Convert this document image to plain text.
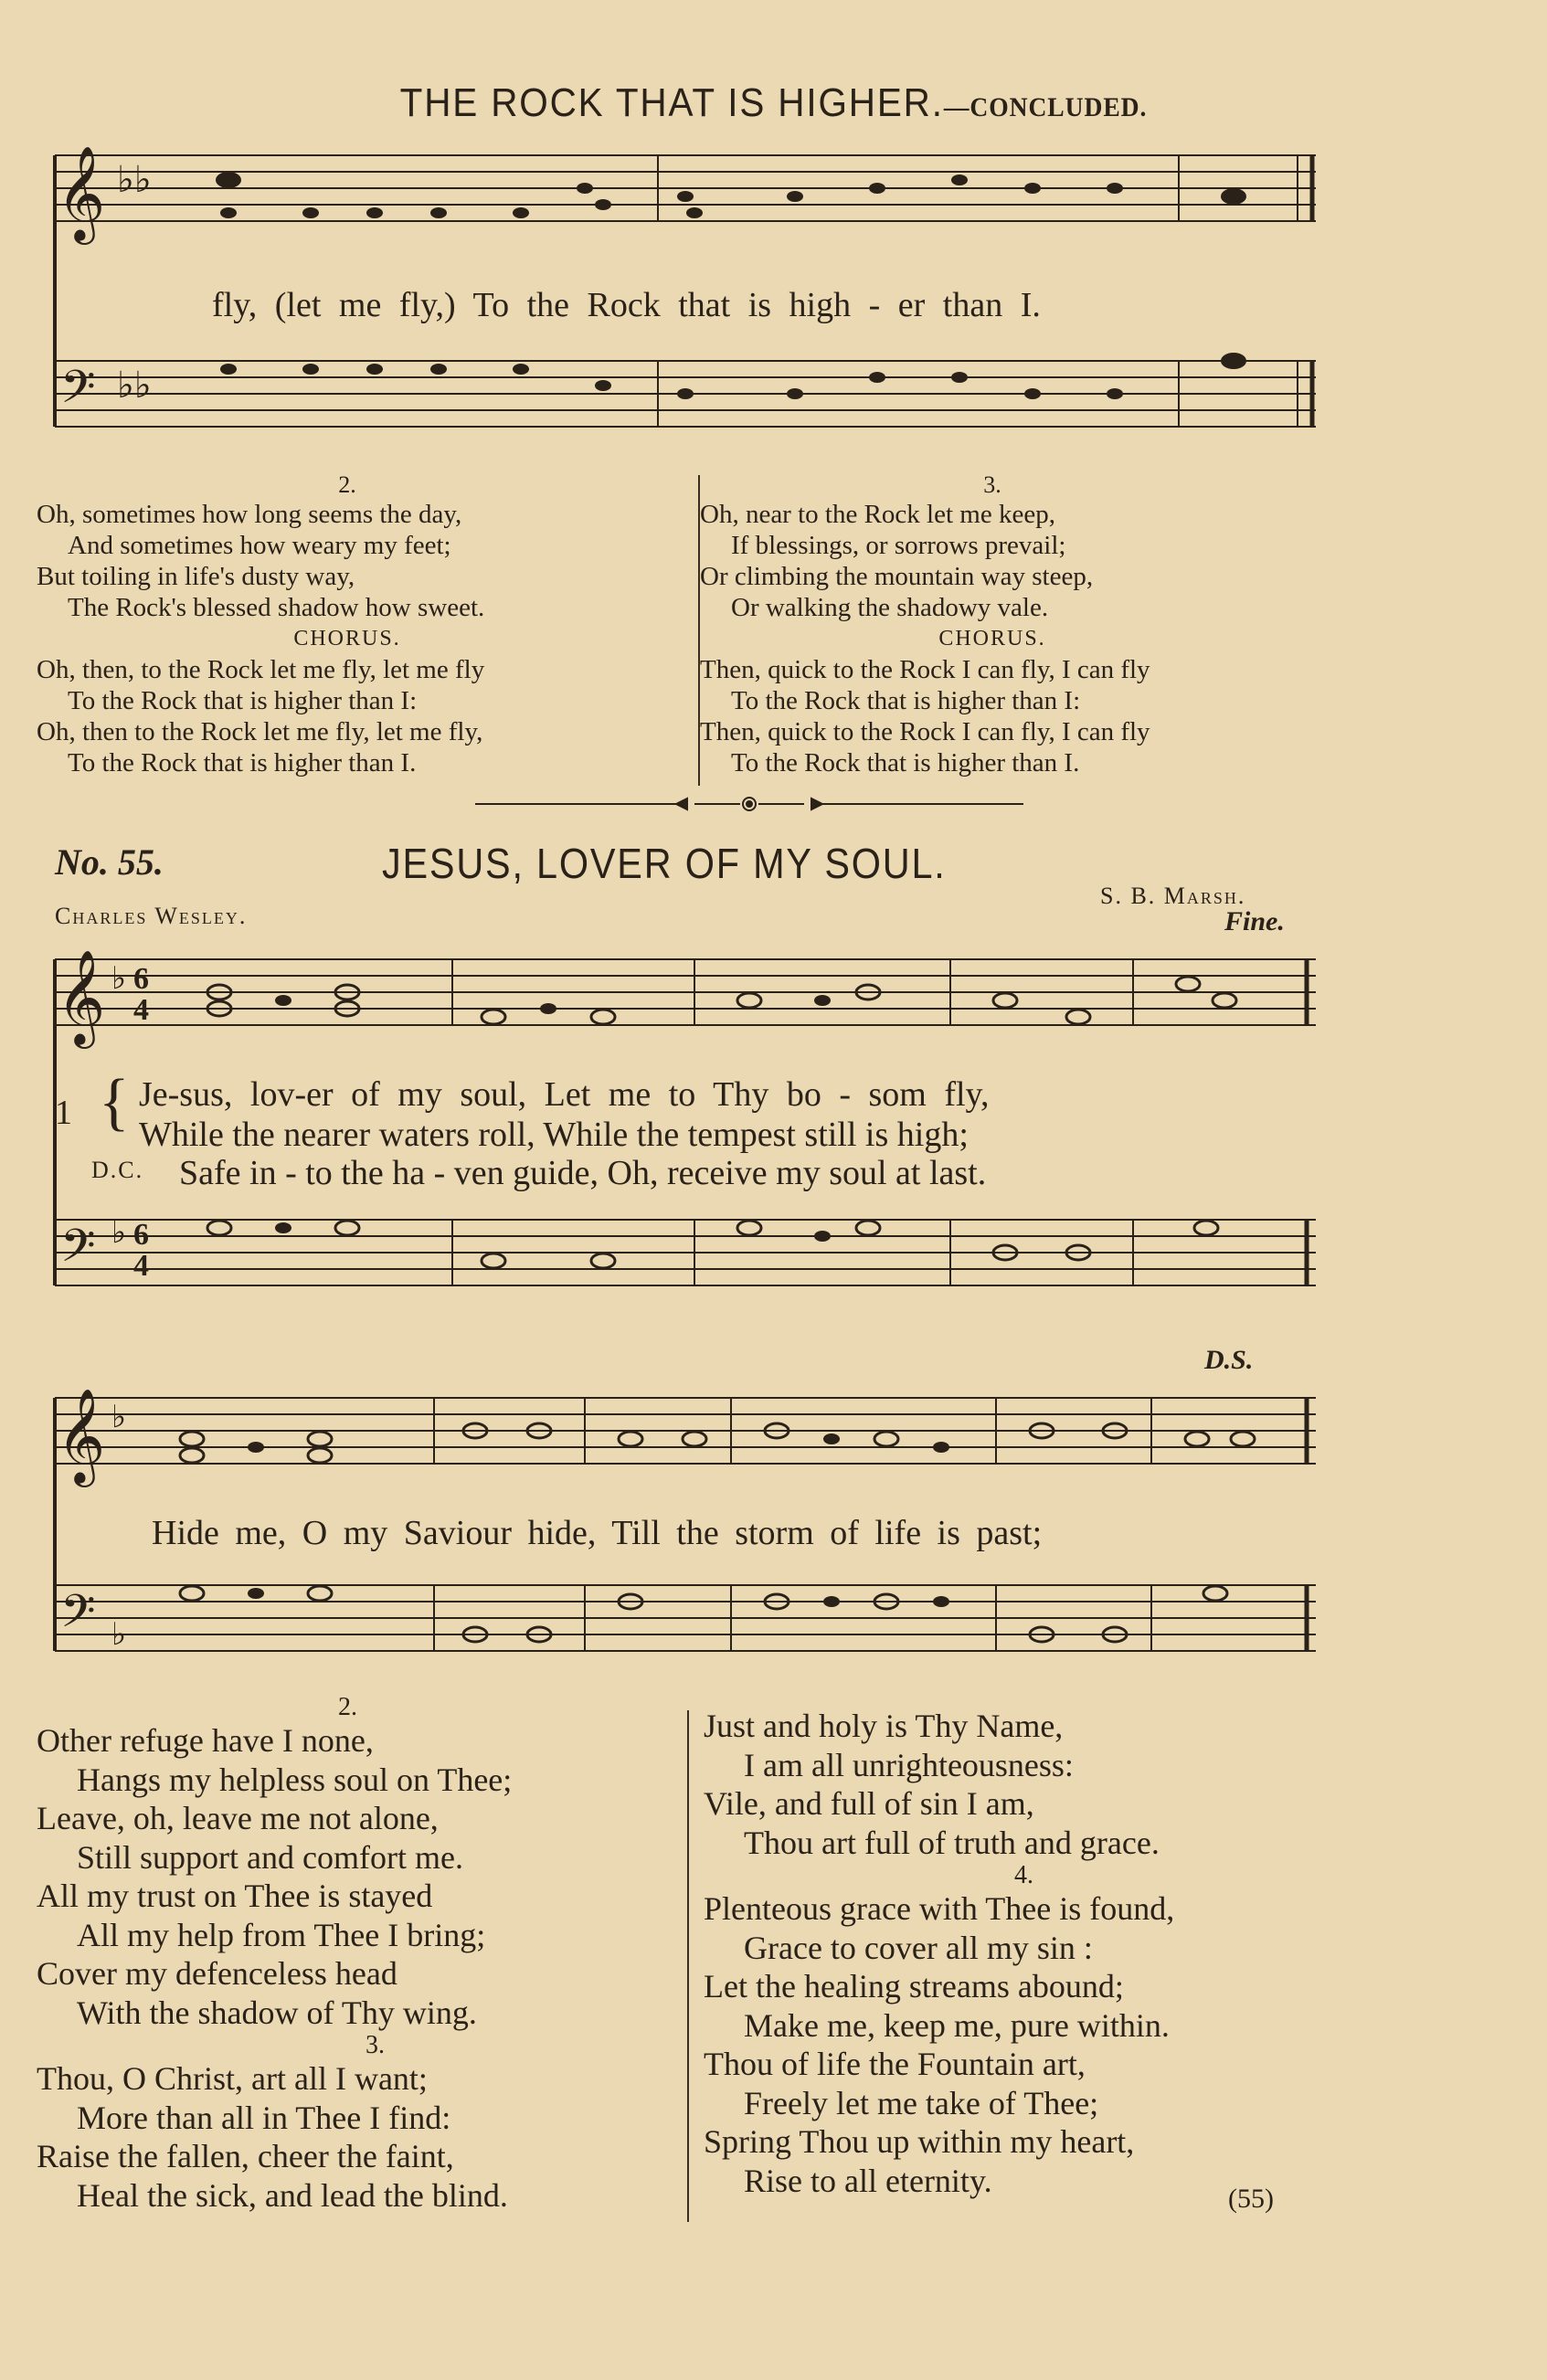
THE ROCK THAT IS HIGHER.—CONCLUDED.
𝄞
𝄢
♭♭
♭♭
fly, (let me fly,) To the Rock that is high - er than I.
2.
Oh, sometimes how long seems the day,
And sometimes how weary my feet;
But toiling in life's dusty way,
The Rock's blessed shadow how sweet.
CHORUS.
Oh, then, to the Rock let me fly, let me fly
To the Rock that is higher than I:
Oh, then to the Rock let me fly, let me fly,
To the Rock that is higher than I.
3.
Oh, near to the Rock let me keep,
If blessings, or sorrows prevail;
Or climbing the mountain way steep,
Or walking the shadowy vale.
CHORUS.
Then, quick to the Rock I can fly, I can fly
To the Rock that is higher than I:
Then, quick to the Rock I can fly, I can fly
To the Rock that is higher than I.
No. 55.	JESUS, LOVER OF MY SOUL.
Charles Wesley.
S. B. Marsh.
Fine.
𝄞
𝄢
♭
♭
6
4
6
4
1 { Je-sus, lov-er of my soul, Let me to Thy bo - som fly,
While the nearer waters roll, While the tempest still is high;
D.C. Safe in - to the ha - ven guide, Oh, receive my soul at last.
D.S.
𝄞
𝄢
♭
♭
Hide me, O my Saviour hide, Till the storm of life is past;
2.
Other refuge have I none,
Hangs my helpless soul on Thee;
Leave, oh, leave me not alone,
Still support and comfort me.
All my trust on Thee is stayed
All my help from Thee I bring;
Cover my defenceless head
With the shadow of Thy wing.
3.
Thou, O Christ, art all I want;
More than all in Thee I find:
Raise the fallen, cheer the faint,
Heal the sick, and lead the blind.
Just and holy is Thy Name,
I am all unrighteousness:
Vile, and full of sin I am,
Thou art full of truth and grace.
4.
Plenteous grace with Thee is found,
Grace to cover all my sin :
Let the healing streams abound;
Make me, keep me, pure within.
Thou of life the Fountain art,
Freely let me take of Thee;
Spring Thou up within my heart,
Rise to all eternity.	(55)
